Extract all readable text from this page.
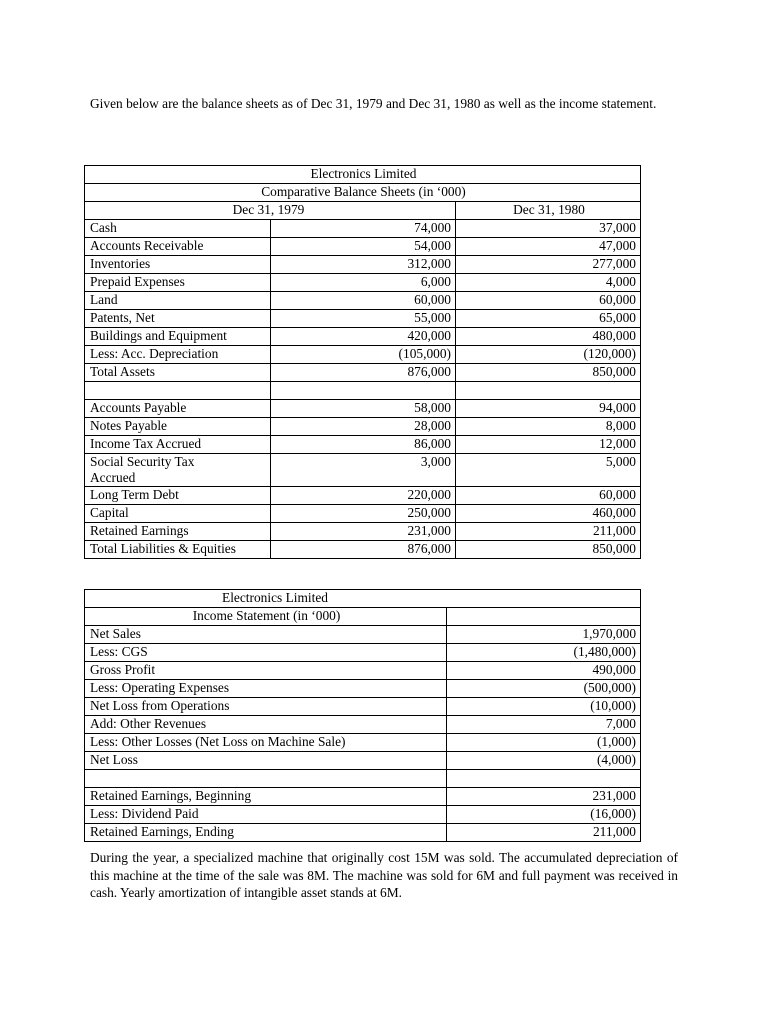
Given below are the balance sheets as of Dec 31, 1979 and Dec 31, 1980 as well as the income statement.

Electronics Limited		
Comparative Balance Sheets (in ‘000)		
Dec 31, 1979		Dec 31, 1980
Cash	74,000	37,000
Accounts Receivable	54,000	47,000
Inventories	312,000	277,000
Prepaid Expenses	6,000	4,000
Land	60,000	60,000
Patents, Net	55,000	65,000
Buildings and Equipment	420,000	480,000
Less: Acc. Depreciation	(105,000)	(120,000)
Total Assets	876,000	850,000

Accounts Payable	58,000	94,000
Notes Payable	28,000	8,000
Income Tax Accrued	86,000	12,000
Social Security Tax Accrued	3,000	5,000
Long Term Debt	220,000	60,000
Capital	250,000	460,000
Retained Earnings	231,000	211,000
Total Liabilities & Equities	876,000	850,000
Electronics Limited	
Income Statement (in ‘000)	
Net Sales	1,970,000
Less: CGS	(1,480,000)
Gross Profit	490,000
Less: Operating Expenses	(500,000)
Net Loss from Operations	(10,000)
Add: Other Revenues	7,000
Less: Other Losses (Net Loss on Machine Sale)	(1,000)
Net Loss	(4,000)

Retained Earnings, Beginning	231,000
Less: Dividend Paid	(16,000)
Retained Earnings, Ending	211,000

During the year, a specialized machine that originally cost 15M was sold. The accumulated depreciation of this machine at the time of the sale was 8M. The machine was sold for 6M and full payment was received in cash. Yearly amortization of intangible asset stands at 6M.
